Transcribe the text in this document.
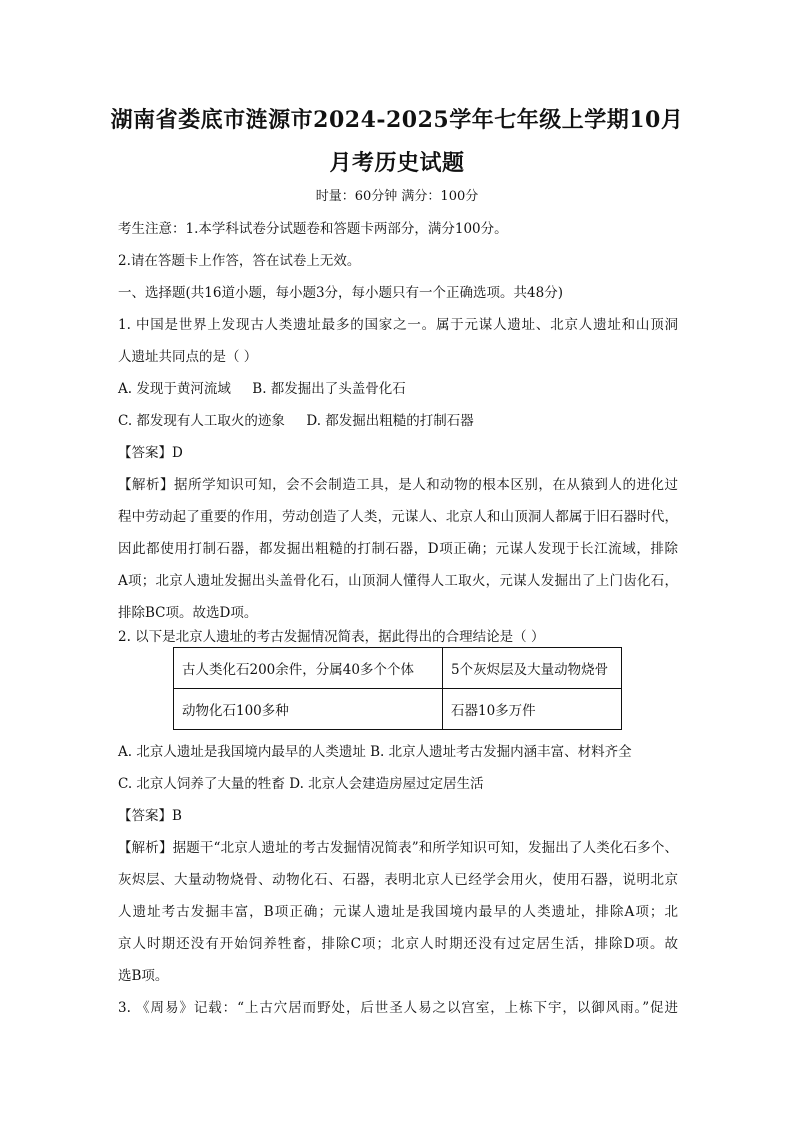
湖南省娄底市涟源市2024-2025学年七年级上学期10月
月考历史试题
时量：60分钟 满分：100分
考生注意：1.本学科试卷分试题卷和答题卡两部分，满分100分。
2.请在答题卡上作答，答在试卷上无效。
一、选择题(共16道小题，每小题3分，每小题只有一个正确选项。共48分)
1. 中国是世界上发现古人类遗址最多的国家之一。属于元谋人遗址、北京人遗址和山顶洞
人遗址共同点的是（ ）
A. 发现于黄河流域     B. 都发掘出了头盖骨化石
C. 都发现有人工取火的迹象     D. 都发掘出粗糙的打制石器
【答案】D
【解析】据所学知识可知，会不会制造工具，是人和动物的根本区别，在从猿到人的进化过
程中劳动起了重要的作用，劳动创造了人类，元谋人、北京人和山顶洞人都属于旧石器时代，
因此都使用打制石器，都发掘出粗糙的打制石器，D项正确；元谋人发现于长江流域，排除
A项；北京人遗址发掘出头盖骨化石，山顶洞人懂得人工取火，元谋人发掘出了上门齿化石，
排除BC项。故选D项。
2. 以下是北京人遗址的考古发掘情况简表，据此得出的合理结论是（ ）
古人类化石200余件，分属40多个个体	5个灰烬层及大量动物烧骨
动物化石100多种	石器10多万件
A. 北京人遗址是我国境内最早的人类遗址 B. 北京人遗址考古发掘内涵丰富、材料齐全
C. 北京人饲养了大量的牲畜 D. 北京人会建造房屋过定居生活
【答案】B
【解析】据题干“北京人遗址的考古发掘情况简表”和所学知识可知，发掘出了人类化石多个、
灰烬层、大量动物烧骨、动物化石、石器，表明北京人已经学会用火，使用石器，说明北京
人遗址考古发掘丰富，B项正确；元谋人遗址是我国境内最早的人类遗址，排除A项；北
京人时期还没有开始饲养牲畜，排除C项；北京人时期还没有过定居生活，排除D项。故
选B项。
3. 《周易》记载：“上古穴居而野处，后世圣人易之以宫室，上栋下宇，以御风雨。”促进
